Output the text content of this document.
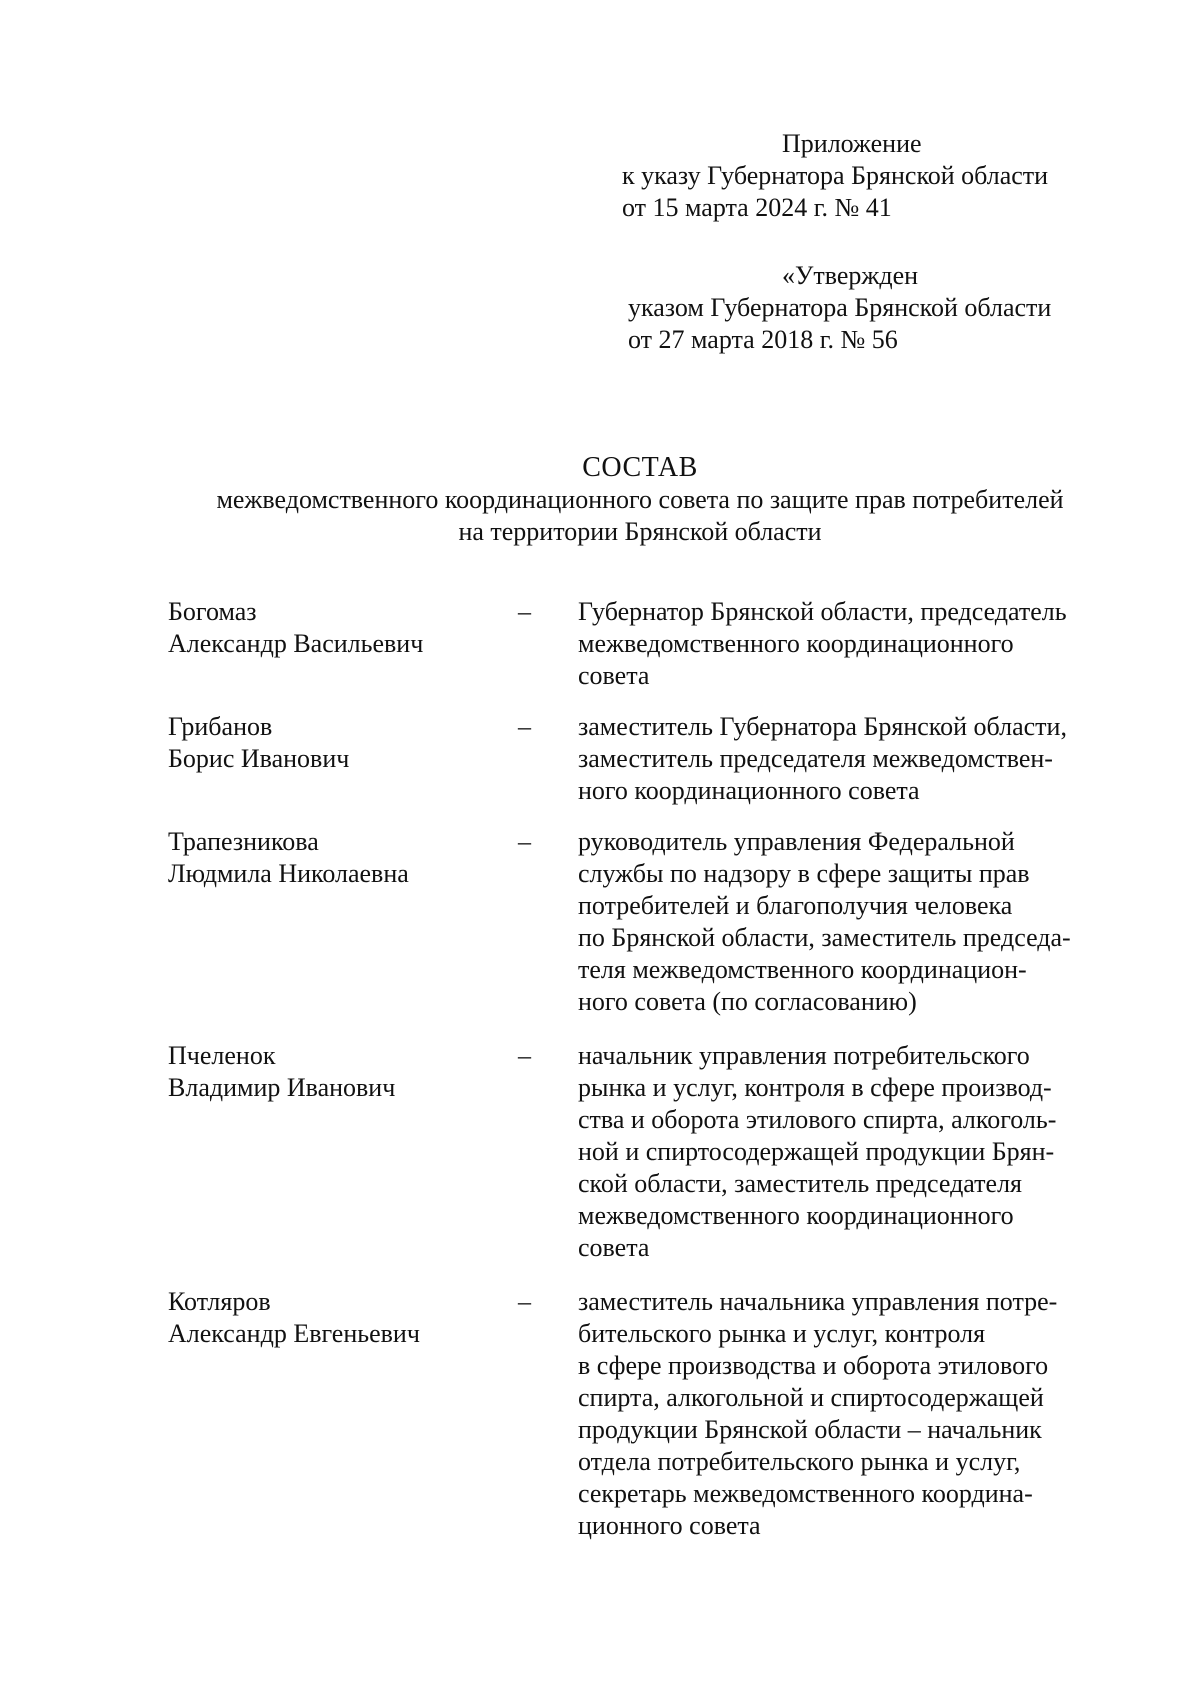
Приложение
к указу Губернатора Брянской области
от 15 марта 2024 г. № 41
«Утвержден
указом Губернатора Брянской области
от 27 марта 2018 г. № 56
СОСТАВ
межведомственного координационного совета по защите прав потребителей
на территории Брянской области
Богомаз
Александр Васильевич
– Губернатор Брянской области, председатель
межведомственного координационного
совета
Грибанов
Борис Иванович
– заместитель Губернатора Брянской области,
заместитель председателя межведомствен-
ного координационного совета
Трапезникова
Людмила Николаевна
– руководитель управления Федеральной
службы по надзору в сфере защиты прав
потребителей и благополучия человека
по Брянской области, заместитель председа-
теля межведомственного координацион-
ного совета (по согласованию)
Пчеленок
Владимир Иванович
– начальник управления потребительского
рынка и услуг, контроля в сфере производ-
ства и оборота этилового спирта, алкоголь-
ной и спиртосодержащей продукции Брян-
ской области, заместитель председателя
межведомственного координационного
совета
Котляров
Александр Евгеньевич
– заместитель начальника управления потре-
бительского рынка и услуг, контроля
в сфере производства и оборота этилового
спирта, алкогольной и спиртосодержащей
продукции Брянской области – начальник
отдела потребительского рынка и услуг,
секретарь межведомственного координа-
ционного совета
